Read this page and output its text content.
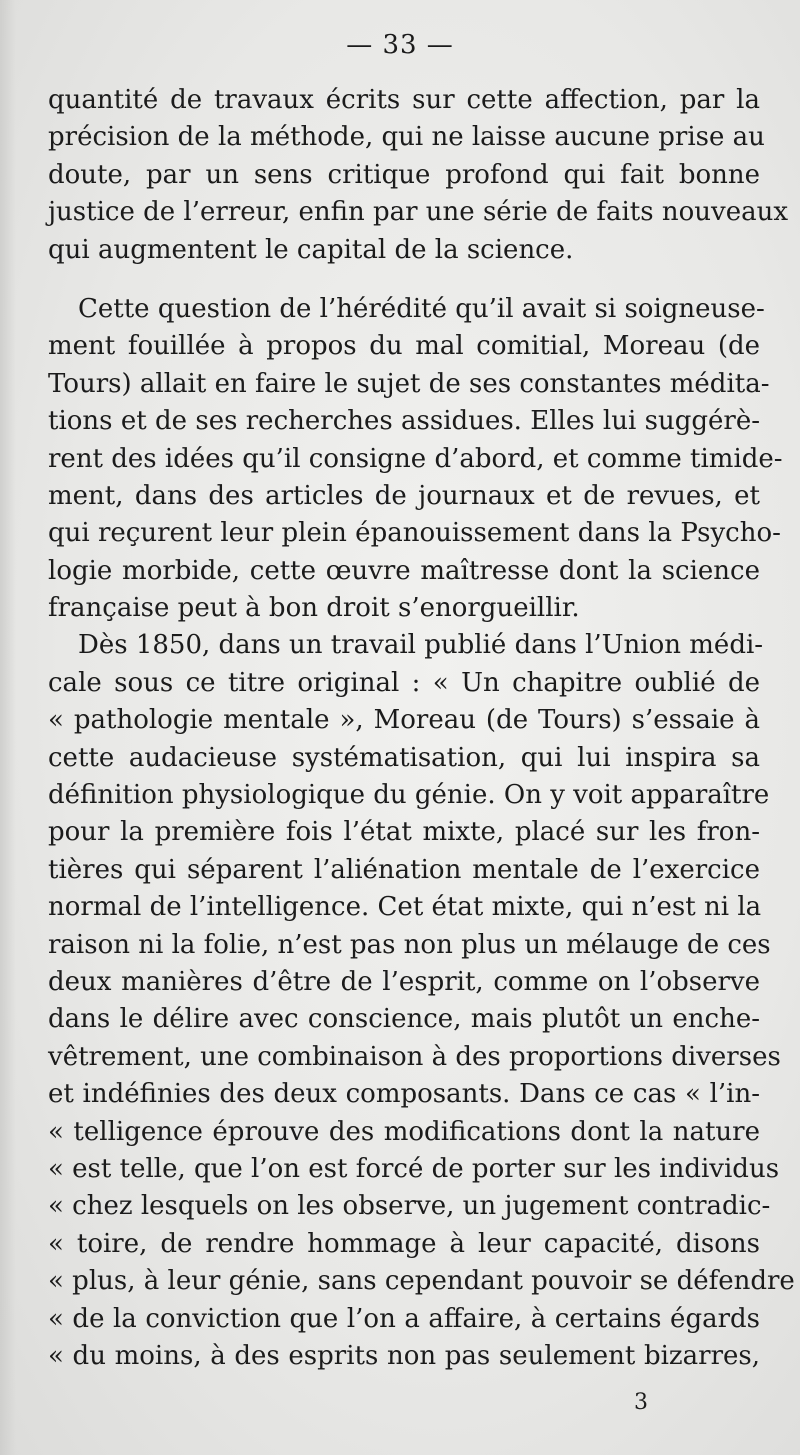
— 33 —
quantité de travaux écrits sur cette affection, par la
précision de la méthode, qui ne laisse aucune prise au
doute, par un sens critique profond qui fait bonne
justice de l’erreur, enfin par une série de faits nouveaux
qui augmentent le capital de la science.
Cette question de l’hérédité qu’il avait si soigneuse-
ment fouillée à propos du mal comitial, Moreau (de
Tours) allait en faire le sujet de ses constantes médita-
tions et de ses recherches assidues. Elles lui suggérè-
rent des idées qu’il consigne d’abord, et comme timide-
ment, dans des articles de journaux et de revues, et
qui reçurent leur plein épanouissement dans la Psycho-
logie morbide, cette œuvre maîtresse dont la science
française peut à bon droit s’enorgueillir.
Dès 1850, dans un travail publié dans l’Union médi-
cale sous ce titre original : « Un chapitre oublié de
« pathologie mentale », Moreau (de Tours) s’essaie à
cette audacieuse systématisation, qui lui inspira sa
définition physiologique du génie. On y voit apparaître
pour la première fois l’état mixte, placé sur les fron-
tières qui séparent l’aliénation mentale de l’exercice
normal de l’intelligence. Cet état mixte, qui n’est ni la
raison ni la folie, n’est pas non plus un mélauge de ces
deux manières d’être de l’esprit, comme on l’observe
dans le délire avec conscience, mais plutôt un enche-
vêtrement, une combinaison à des proportions diverses
et indéfinies des deux composants. Dans ce cas « l’in-
« telligence éprouve des modifications dont la nature
« est telle, que l’on est forcé de porter sur les individus
« chez lesquels on les observe, un jugement contradic-
« toire, de rendre hommage à leur capacité, disons
« plus, à leur génie, sans cependant pouvoir se défendre
« de la conviction que l’on a affaire, à certains égards
« du moins, à des esprits non pas seulement bizarres,
3
